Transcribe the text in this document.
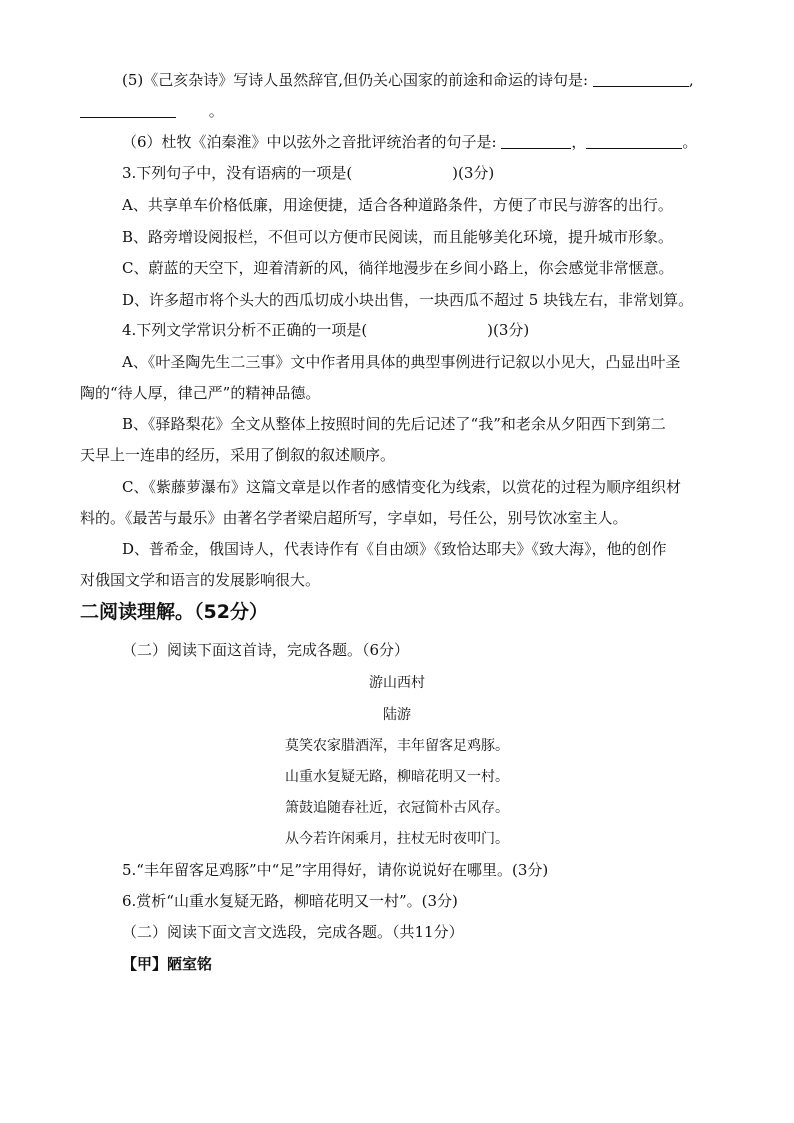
(5)《己亥杂诗》写诗人虽然辞官,但仍关心国家的前途和命运的诗句是:	,
。
（6）杜牧《泊秦淮》中以弦外之音批评统治者的句子是:	，	。
3.下列句子中，没有语病的一项是(	)(3分)
A、共享单车价格低廉，用途便捷，适合各种道路条件，方便了市民与游客的出行。
B、路旁增设阅报栏，不但可以方便市民阅读，而且能够美化环境，提升城市形象。
C、蔚蓝的天空下，迎着清新的风，徜徉地漫步在乡间小路上，你会感觉非常惬意。
D、许多超市将个头大的西瓜切成小块出售，一块西瓜不超过 5 块钱左右，非常划算。
4.下列文学常识分析不正确的一项是(	)(3分)
A、《叶圣陶先生二三事》文中作者用具体的典型事例进行记叙以小见大，凸显出叶圣
陶的“待人厚，律己严”的精神品德。
B、《驿路梨花》全文从整体上按照时间的先后记述了“我”和老余从夕阳西下到第二
天早上一连串的经历，采用了倒叙的叙述顺序。
C、《紫藤萝瀑布》这篇文章是以作者的感情变化为线索，以赏花的过程为顺序组织材
料的。《最苦与最乐》由著名学者梁启超所写，字卓如，号任公，别号饮冰室主人。
D、普希金，俄国诗人，代表诗作有《自由颂》《致恰达耶夫》《致大海》，他的创作
对俄国文学和语言的发展影响很大。
二阅读理解。（52分）
（二）阅读下面这首诗，完成各题。（6分）
游山西村
陆游
莫笑农家腊酒浑，丰年留客足鸡豚。
山重水复疑无路，柳暗花明又一村。
箫鼓追随春社近，衣冠简朴古风存。
从今若许闲乘月，拄杖无时夜叩门。
5.“丰年留客足鸡豚”中“足”字用得好，请你说说好在哪里。(3分)
6.赏析“山重水复疑无路，柳暗花明又一村”。(3分)
（二）阅读下面文言文选段，完成各题。（共11分）
【甲】陋室铭
